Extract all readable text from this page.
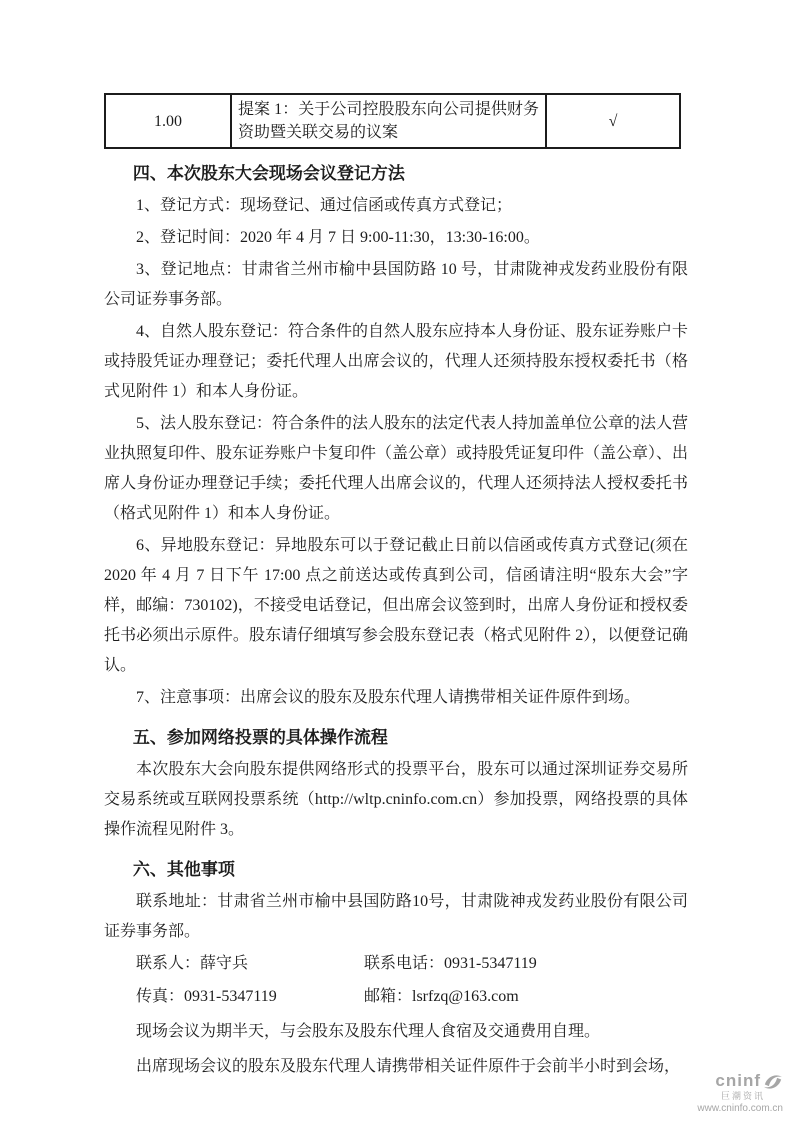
1.00
提案 1：关于公司控股股东向公司提供财务资助暨关联交易的议案
√
四、本次股东大会现场会议登记方法

1、登记方式：现场登记、通过信函或传真方式登记；

2、登记时间：2020 年 4 月 7 日 9:00-11:30，13:30-16:00。

3、登记地点：甘肃省兰州市榆中县国防路 10 号，甘肃陇神戎发药业股份有限公司证券事务部。

4、自然人股东登记：符合条件的自然人股东应持本人身份证、股东证券账户卡或持股凭证办理登记；委托代理人出席会议的，代理人还须持股东授权委托书（格式见附件 1）和本人身份证。

5、法人股东登记：符合条件的法人股东的法定代表人持加盖单位公章的法人营业执照复印件、股东证券账户卡复印件（盖公章）或持股凭证复印件（盖公章）、出席人身份证办理登记手续；委托代理人出席会议的，代理人还须持法人授权委托书（格式见附件 1）和本人身份证。

6、异地股东登记：异地股东可以于登记截止日前以信函或传真方式登记(须在 2020 年 4 月 7 日下午 17:00 点之前送达或传真到公司，信函请注明“股东大会”字样，邮编：730102)，不接受电话登记，但出席会议签到时，出席人身份证和授权委托书必须出示原件。股东请仔细填写参会股东登记表（格式见附件 2），以便登记确认。

7、注意事项：出席会议的股东及股东代理人请携带相关证件原件到场。

五、参加网络投票的具体操作流程

本次股东大会向股东提供网络形式的投票平台，股东可以通过深圳证券交易所交易系统或互联网投票系统（http://wltp.cninfo.com.cn）参加投票，网络投票的具体操作流程见附件 3。

六、其他事项

联系地址：甘肃省兰州市榆中县国防路10号，甘肃陇神戎发药业股份有限公司证券事务部。

联系人：薛守兵	联系电话：0931-5347119

传真：0931-5347119	邮箱：lsrfzq@163.com

现场会议为期半天，与会股东及股东代理人食宿及交通费用自理。

出席现场会议的股东及股东代理人请携带相关证件原件于会前半小时到会场，

cninf
巨潮资讯
www.cninfo.com.cn
